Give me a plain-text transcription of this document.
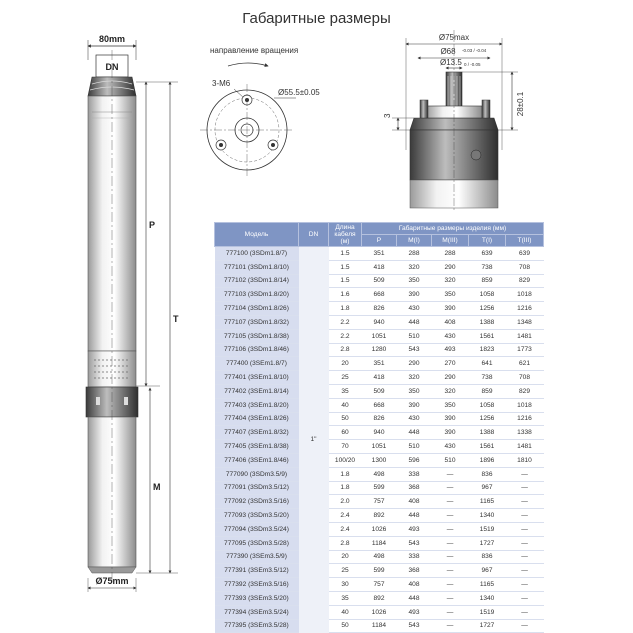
Габаритные размеры
80mm
DN
P
T
M
Ø75mm
направление вращения
3-M6
Ø55.5±0.05
Ø75max
Ø68 -0.03 / -0.04
Ø13.5 0 / -0.05
3	28±0.1
Модель	DN	Длина кабеля (м)	Габаритные размеры изделия (мм)				
			P	M(I)	M(III)	T(I)	T(III)
777100 (3SDm1.8/7)	1"	1.5	351	288	288	639	639
777101 (3SDm1.8/10)		1.5	418	320	290	738	708
777102 (3SDm1.8/14)		1.5	509	350	320	859	829
777103 (3SDm1.8/20)		1.6	668	390	350	1058	1018
777104 (3SDm1.8/26)		1.8	826	430	390	1256	1216
777107 (3SDm1.8/32)		2.2	940	448	408	1388	1348
777105 (3SDm1.8/38)		2.2	1051	510	430	1561	1481
777106 (3SDm1.8/46)		2.8	1280	543	493	1823	1773
777400 (3SEm1.8/7)		20	351	290	270	641	621
777401 (3SEm1.8/10)		25	418	320	290	738	708
777402 (3SEm1.8/14)		35	509	350	320	859	829
777403 (3SEm1.8/20)		40	668	390	350	1058	1018
777404 (3SEm1.8/26)		50	826	430	390	1256	1216
777407 (3SEm1.8/32)		60	940	448	390	1388	1338
777405 (3SEm1.8/38)		70	1051	510	430	1561	1481
777406 (3SEm1.8/46)		100/20	1300	596	510	1896	1810
777090 (3SDm3.5/9)		1.8	498	338	—	836	—
777091 (3SDm3.5/12)		1.8	599	368	—	967	—
777092 (3SDm3.5/16)		2.0	757	408	—	1165	—
777093 (3SDm3.5/20)		2.4	892	448	—	1340	—
777094 (3SDm3.5/24)		2.4	1026	493	—	1519	—
777095 (3SDm3.5/28)		2.8	1184	543	—	1727	—
777390 (3SEm3.5/9)		20	498	338	—	836	—
777391 (3SEm3.5/12)		25	599	368	—	967	—
777392 (3SEm3.5/16)		30	757	408	—	1165	—
777393 (3SEm3.5/20)		35	892	448	—	1340	—
777394 (3SEm3.5/24)		40	1026	493	—	1519	—
777395 (3SEm3.5/28)		50	1184	543	—	1727	—
